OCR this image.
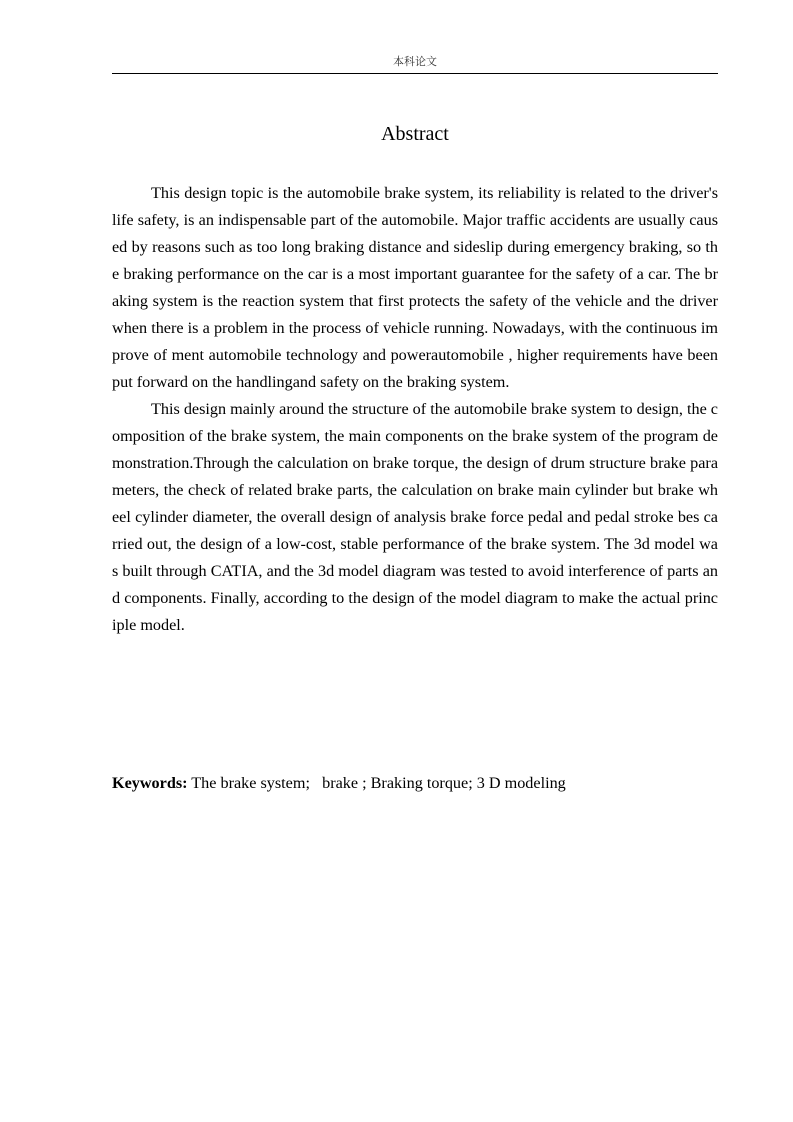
本科论文
Abstract

This design topic is the automobile brake system, its reliability is related to the driver's life safety, is an indispensable part of the automobile. Major traffic accidents are usually caused by reasons such as too long braking distance and sideslip during emergency braking, so the braking performance on the car is a most important guarantee for the safety of a car. The braking system is the reaction system that first protects the safety of the vehicle and the driver when there is a problem in the process of vehicle running. Nowadays, with the continuous improve of ment automobile technology and powerautomobile , higher requirements have been put forward on the handlingand safety on the braking system.

This design mainly around the structure of the automobile brake system to design, the composition of the brake system, the main components on the brake system of the program demonstration.Through the calculation on brake torque, the design of drum structure brake parameters, the check of related brake parts, the calculation on brake main cylinder but brake wheel cylinder diameter, the overall design of analysis brake force pedal and pedal stroke bes carried out, the design of a low-cost, stable performance of the brake system. The 3d model was built through CATIA, and the 3d model diagram was tested to avoid interference of parts and components. Finally, according to the design of the model diagram to make the actual principle model.

Keywords: The brake system;   brake ; Braking torque; 3 D modeling
